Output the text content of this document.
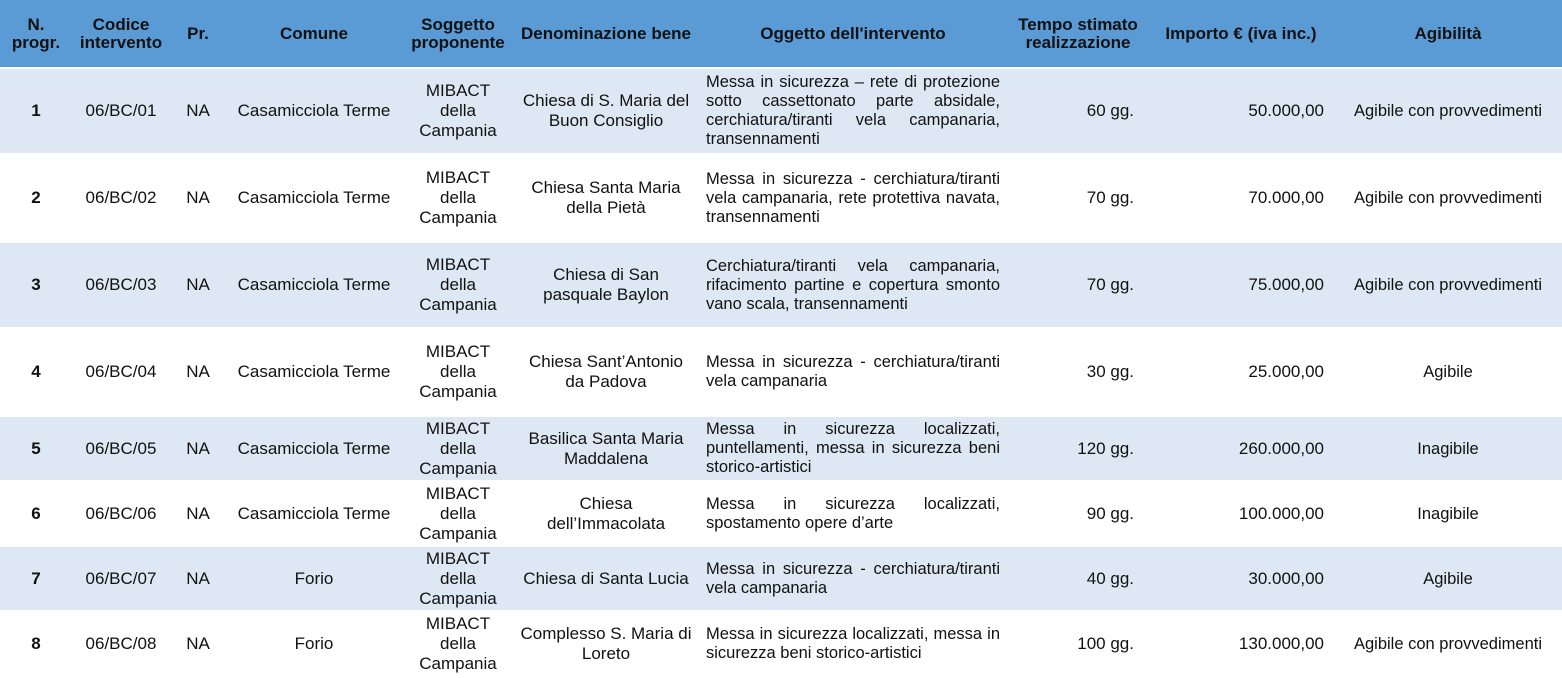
N. progr.	Codice intervento	Pr.	Comune	Soggetto proponente	Denominazione bene	Oggetto dell'intervento	Tempo stimato realizzazione	Importo € (iva inc.)	Agibilità
1	06/BC/01	NA	Casamicciola Terme	MIBACT della Campania	Chiesa di S. Maria del Buon Consiglio	Messa in sicurezza – rete di protezione sotto cassettonato parte absidale, cerchiatura/tiranti vela campanaria, transennamenti	60 gg.	50.000,00	Agibile con provvedimenti
2	06/BC/02	NA	Casamicciola Terme	MIBACT della Campania	Chiesa Santa Maria della Pietà	Messa in sicurezza - cerchiatura/tiranti vela campanaria, rete protettiva navata, transennamenti	70 gg.	70.000,00	Agibile con provvedimenti
3	06/BC/03	NA	Casamicciola Terme	MIBACT della Campania	Chiesa di San pasquale Baylon	Cerchiatura/tiranti vela campanaria, rifacimento partine e copertura smonto vano scala, transennamenti	70 gg.	75.000,00	Agibile con provvedimenti
4	06/BC/04	NA	Casamicciola Terme	MIBACT della Campania	Chiesa Sant’Antonio da Padova	Messa in sicurezza - cerchiatura/tiranti vela campanaria	30 gg.	25.000,00	Agibile
5	06/BC/05	NA	Casamicciola Terme	MIBACT della Campania	Basilica Santa Maria Maddalena	Messa in sicurezza localizzati, puntellamenti, messa in sicurezza beni storico-artistici	120 gg.	260.000,00	Inagibile
6	06/BC/06	NA	Casamicciola Terme	MIBACT della Campania	Chiesa dell’Immacolata	Messa in sicurezza localizzati, spostamento opere d’arte	90 gg.	100.000,00	Inagibile
7	06/BC/07	NA	Forio	MIBACT della Campania	Chiesa di Santa Lucia	Messa in sicurezza - cerchiatura/tiranti vela campanaria	40 gg.	30.000,00	Agibile
8	06/BC/08	NA	Forio	MIBACT della Campania	Complesso S. Maria di Loreto	Messa in sicurezza localizzati, messa in sicurezza beni storico-artistici	100 gg.	130.000,00	Agibile con provvedimenti
